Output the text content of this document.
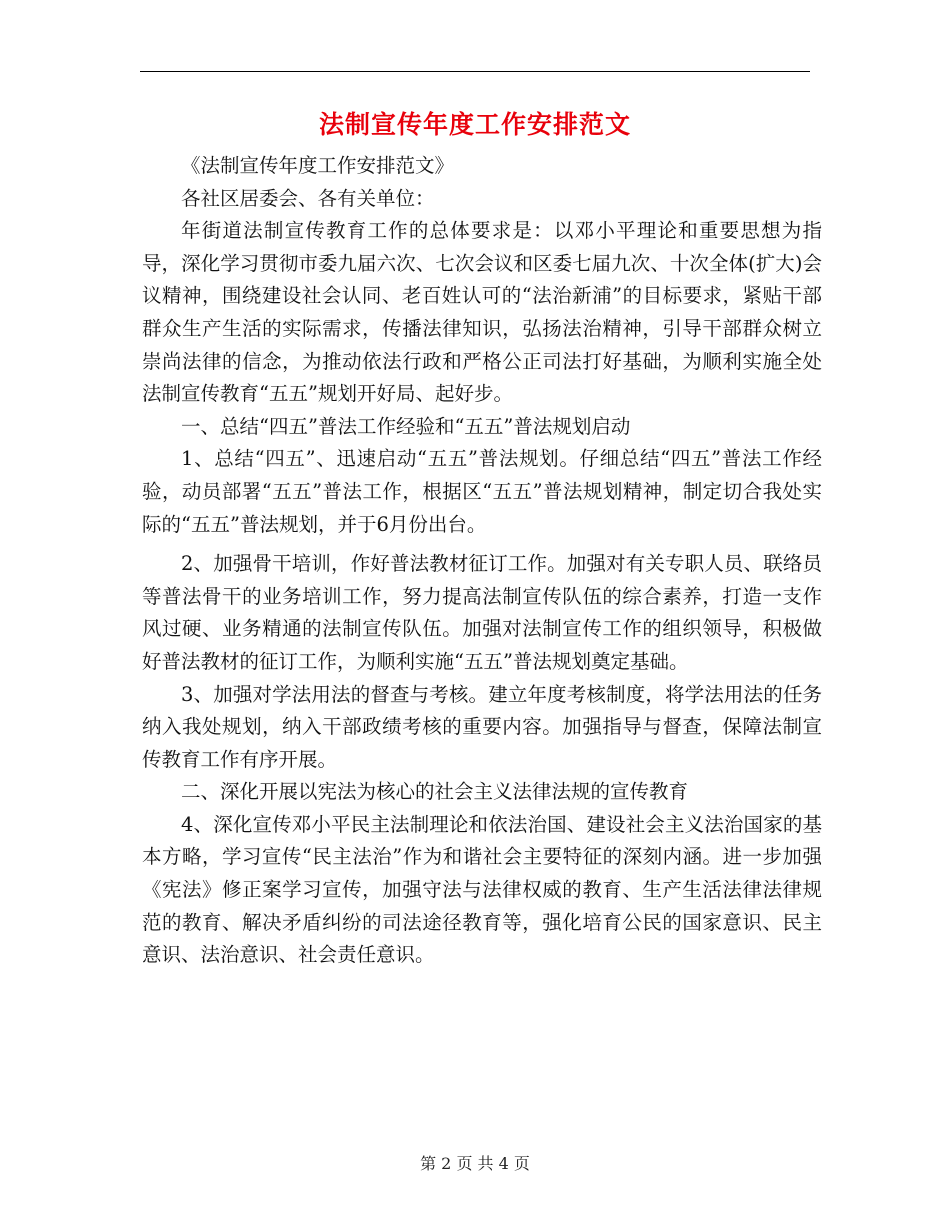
法制宣传年度工作安排范文

《法制宣传年度工作安排范文》

各社区居委会、各有关单位：

年街道法制宣传教育工作的总体要求是：以邓小平理论和重要思想为指导，深化学习贯彻市委九届六次、七次会议和区委七届九次、十次全体(扩大)会议精神，围绕建设社会认同、老百姓认可的“法治新浦”的目标要求，紧贴干部群众生产生活的实际需求，传播法律知识，弘扬法治精神，引导干部群众树立崇尚法律的信念，为推动依法行政和严格公正司法打好基础，为顺利实施全处法制宣传教育“五五”规划开好局、起好步。

一、总结“四五”普法工作经验和“五五”普法规划启动

1、总结“四五”、迅速启动“五五”普法规划。仔细总结“四五”普法工作经验，动员部署“五五”普法工作，根据区“五五”普法规划精神，制定切合我处实际的“五五”普法规划，并于6月份出台。

2、加强骨干培训，作好普法教材征订工作。加强对有关专职人员、联络员等普法骨干的业务培训工作，努力提高法制宣传队伍的综合素养，打造一支作风过硬、业务精通的法制宣传队伍。加强对法制宣传工作的组织领导，积极做好普法教材的征订工作，为顺利实施“五五”普法规划奠定基础。

3、加强对学法用法的督查与考核。建立年度考核制度，将学法用法的任务纳入我处规划，纳入干部政绩考核的重要内容。加强指导与督查，保障法制宣传教育工作有序开展。

二、深化开展以宪法为核心的社会主义法律法规的宣传教育

4、深化宣传邓小平民主法制理论和依法治国、建设社会主义法治国家的基本方略，学习宣传“民主法治”作为和谐社会主要特征的深刻内涵。进一步加强《宪法》修正案学习宣传，加强守法与法律权威的教育、生产生活法律法律规范的教育、解决矛盾纠纷的司法途径教育等，强化培育公民的国家意识、民主意识、法治意识、社会责任意识。

第 2 页 共 4 页
